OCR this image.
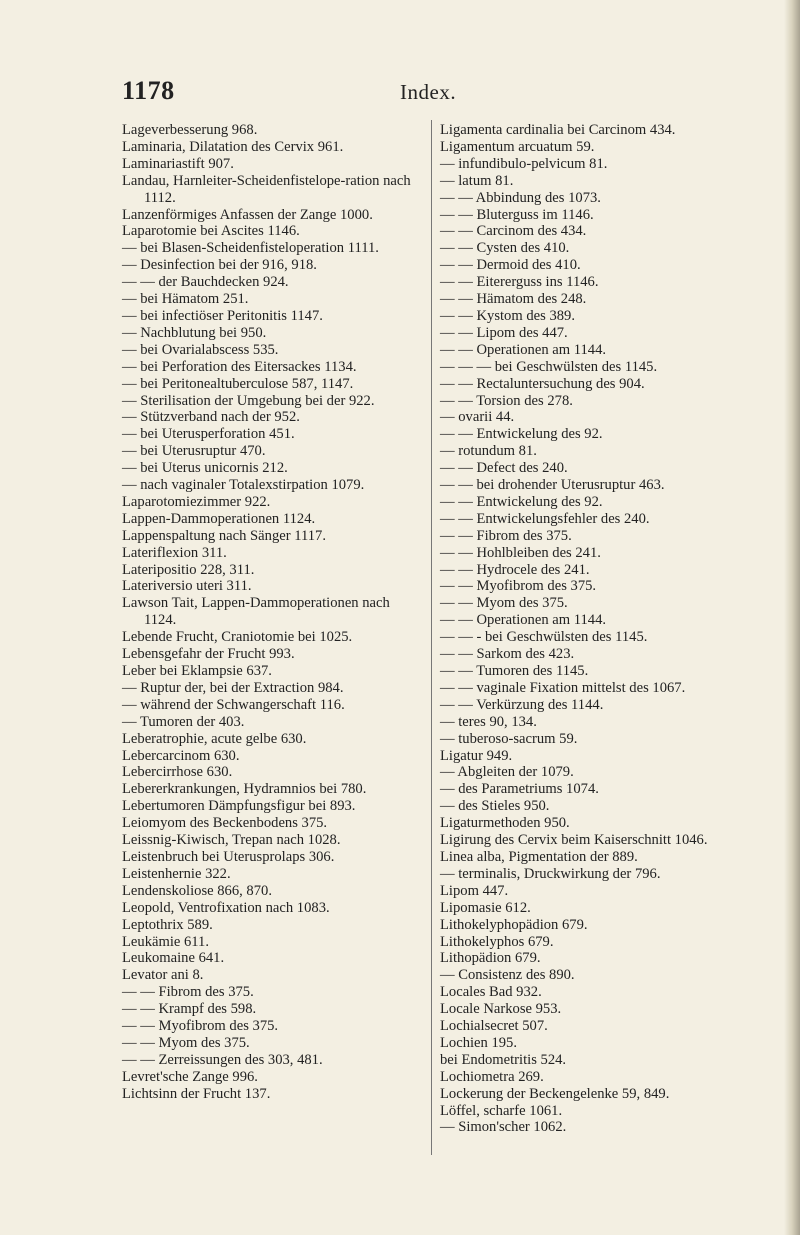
1178	Index.

Lageverbesserung 968.

Laminaria, Dilatation des Cervix 961.

Laminariastift 907.

Landau, Harnleiter-Scheidenfistelope-ration nach 1112.

Lanzenförmiges Anfassen der Zange 1000.

Laparotomie bei Ascites 1146.

— bei Blasen-Scheidenfisteloperation 1111.

— Desinfection bei der 916, 918.

— — der Bauchdecken 924.

— bei Hämatom 251.

— bei infectiöser Peritonitis 1147.

— Nachblutung bei 950.

— bei Ovarialabscess 535.

— bei Perforation des Eitersackes 1134.

— bei Peritonealtuberculose 587, 1147.

— Sterilisation der Umgebung bei der 922.

— Stützverband nach der 952.

— bei Uterusperforation 451.

— bei Uterusruptur 470.

— bei Uterus unicornis 212.

— nach vaginaler Totalexstirpation 1079.

Laparotomiezimmer 922.

Lappen-Dammoperationen 1124.

Lappenspaltung nach Sänger 1117.

Lateriflexion 311.

Lateripositio 228, 311.

Lateriversio uteri 311.

Lawson Tait, Lappen-Dammoperationen nach 1124.

Lebende Frucht, Craniotomie bei 1025.

Lebensgefahr der Frucht 993.

Leber bei Eklampsie 637.

— Ruptur der, bei der Extraction 984.

— während der Schwangerschaft 116.

— Tumoren der 403.

Leberatrophie, acute gelbe 630.

Lebercarcinom 630.

Lebercirrhose 630.

Lebererkrankungen, Hydramnios bei 780.

Lebertumoren Dämpfungsfigur bei 893.

Leiomyom des Beckenbodens 375.

Leissnig-Kiwisch, Trepan nach 1028.

Leistenbruch bei Uterusprolaps 306.

Leistenhernie 322.

Lendenskoliose 866, 870.

Leopold, Ventrofixation nach 1083.

Leptothrix 589.

Leukämie 611.

Leukomaine 641.

Levator ani 8.

— — Fibrom des 375.

— — Krampf des 598.

— — Myofibrom des 375.

— — Myom des 375.

— — Zerreissungen des 303, 481.

Levret'sche Zange 996.

Lichtsinn der Frucht 137.

Ligamenta cardinalia bei Carcinom 434.

Ligamentum arcuatum 59.

— infundibulo-pelvicum 81.

— latum 81.

— — Abbindung des 1073.

— — Bluterguss im 1146.

— — Carcinom des 434.

— — Cysten des 410.

— — Dermoid des 410.

— — Eitererguss ins 1146.

— — Hämatom des 248.

— — Kystom des 389.

— — Lipom des 447.

— — Operationen am 1144.

— — — bei Geschwülsten des 1145.

— — Rectaluntersuchung des 904.

— — Torsion des 278.

— ovarii 44.

— — Entwickelung des 92.

— rotundum 81.

— — Defect des 240.

— — bei drohender Uterusruptur 463.

— — Entwickelung des 92.

— — Entwickelungsfehler des 240.

— — Fibrom des 375.

— — Hohlbleiben des 241.

— — Hydrocele des 241.

— — Myofibrom des 375.

— — Myom des 375.

— — Operationen am 1144.

— — - bei Geschwülsten des 1145.

— — Sarkom des 423.

— — Tumoren des 1145.

— — vaginale Fixation mittelst des 1067.

— — Verkürzung des 1144.

— teres 90, 134.

— tuberoso-sacrum 59.

Ligatur 949.

— Abgleiten der 1079.

— des Parametriums 1074.

— des Stieles 950.

Ligaturmethoden 950.

Ligirung des Cervix beim Kaiserschnitt 1046.

Linea alba, Pigmentation der 889.

— terminalis, Druckwirkung der 796.

Lipom 447.

Lipomasie 612.

Lithokelyphopädion 679.

Lithokelyphos 679.

Lithopädion 679.

— Consistenz des 890.

Locales Bad 932.

Locale Narkose 953.

Lochialsecret 507.

Lochien 195.

bei Endometritis 524.

Lochiometra 269.

Lockerung der Beckengelenke 59, 849.

Löffel, scharfe 1061.

— Simon'scher 1062.
